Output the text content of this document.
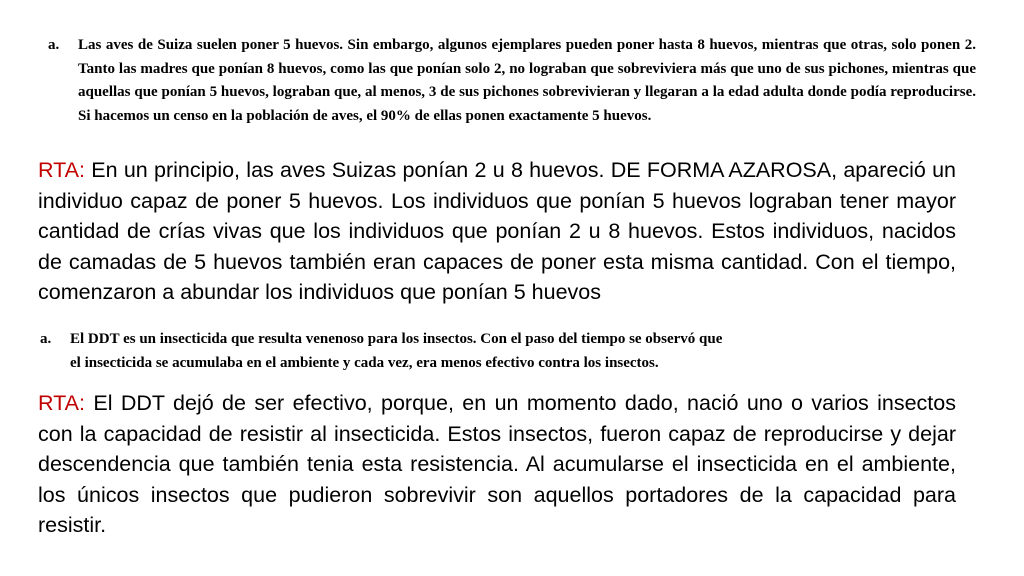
a.	Las aves de Suiza suelen poner 5 huevos. Sin embargo, algunos ejemplares pueden poner hasta 8 huevos, mientras que otras, solo ponen 2. Tanto las madres que ponían 8 huevos, como las que ponían solo 2, no lograban que sobreviviera más que uno de sus pichones, mientras que aquellas que ponían 5 huevos, lograban que, al menos, 3 de sus pichones sobrevivieran y llegaran a la edad adulta donde podía reproducirse. Si hacemos un censo en la población de aves, el 90% de ellas ponen exactamente 5 huevos.

RTA: En un principio, las aves Suizas ponían 2 u 8 huevos. DE FORMA AZAROSA, apareció un individuo capaz de poner 5 huevos. Los individuos que ponían 5 huevos lograban tener mayor cantidad de crías vivas que los individuos que ponían 2 u 8 huevos. Estos individuos, nacidos de camadas de 5 huevos también eran capaces de poner esta misma cantidad. Con el tiempo, comenzaron a abundar los individuos que ponían 5 huevos

a.	El DDT es un insecticida que resulta venenoso para los insectos. Con el paso del tiempo se observó que
el insecticida se acumulaba en el ambiente y cada vez, era menos efectivo contra los insectos.

RTA: El DDT dejó de ser efectivo, porque, en un momento dado, nació uno o varios insectos con la capacidad de resistir al insecticida. Estos insectos, fueron capaz de reproducirse y dejar descendencia que también tenia esta resistencia. Al acumularse el insecticida en el ambiente, los únicos insectos que pudieron sobrevivir son aquellos portadores de la capacidad para resistir.
